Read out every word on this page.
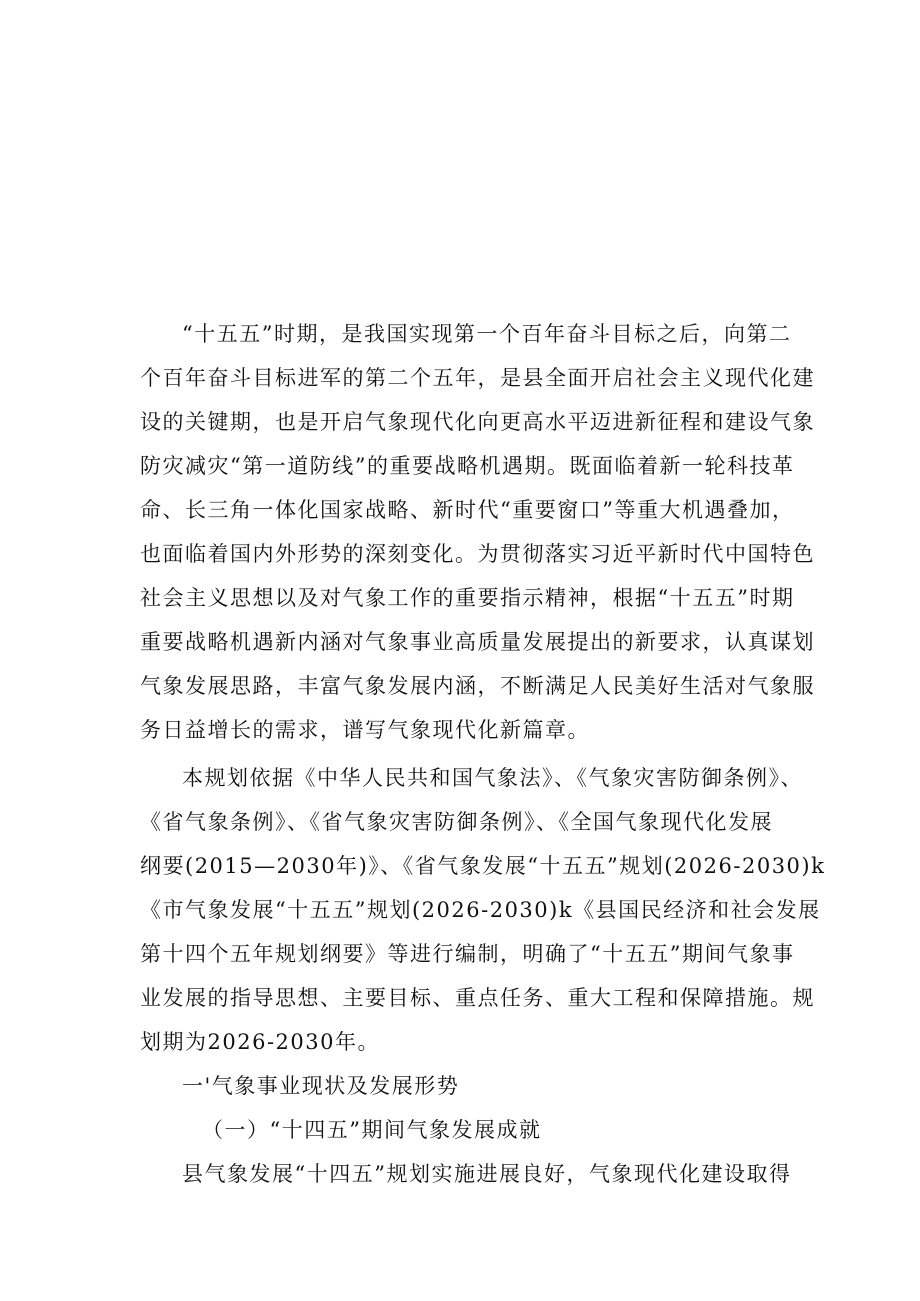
“十五五”时期，是我国实现第一个百年奋斗目标之后，向第二
个百年奋斗目标进军的第二个五年，是县全面开启社会主义现代化建
设的关键期，也是开启气象现代化向更高水平迈进新征程和建设气象
防灾减灾“第一道防线”的重要战略机遇期。既面临着新一轮科技革
命、长三角一体化国家战略、新时代“重要窗口”等重大机遇叠加，
也面临着国内外形势的深刻变化。为贯彻落实习近平新时代中国特色
社会主义思想以及对气象工作的重要指示精神，根据“十五五”时期
重要战略机遇新内涵对气象事业高质量发展提出的新要求，认真谋划
气象发展思路，丰富气象发展内涵，不断满足人民美好生活对气象服
务日益增长的需求，谱写气象现代化新篇章。
本规划依据《中华人民共和国气象法》、《气象灾害防御条例》、
《省气象条例》、《省气象灾害防御条例》、《全国气象现代化发展
纲要(2015—2030年)》、《省气象发展“十五五”规划(2026-2030)k
《市气象发展“十五五”规划(2026-2030)k《县国民经济和社会发展
第十四个五年规划纲要》等进行编制，明确了“十五五”期间气象事
业发展的指导思想、主要目标、重点任务、重大工程和保障措施。规
划期为2026-2030年。
一'气象事业现状及发展形势
（一）“十四五”期间气象发展成就
县气象发展“十四五”规划实施进展良好，气象现代化建设取得
